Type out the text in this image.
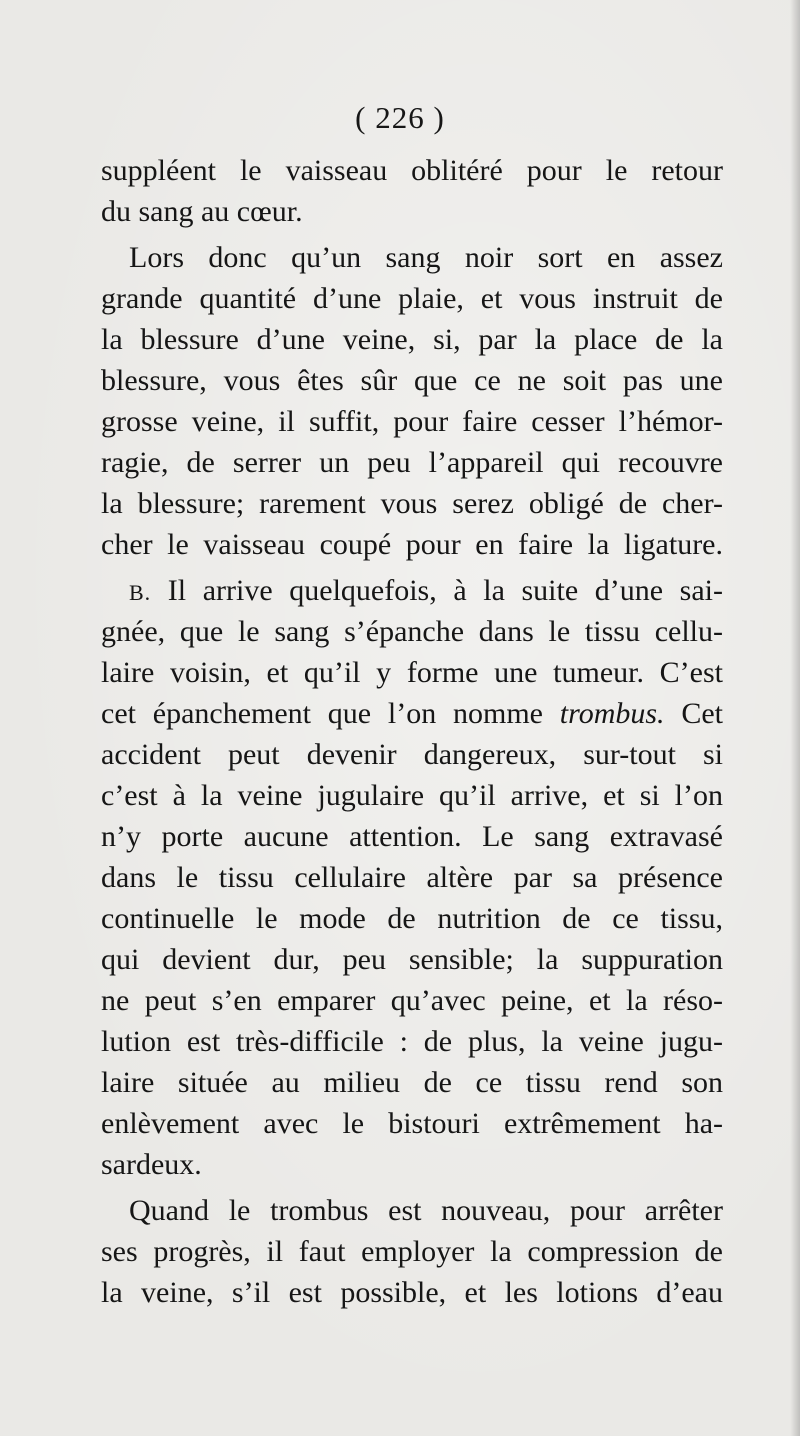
( 226 )
suppléent le vaisseau oblitéré pour le retour
du sang au cœur.
Lors donc qu’un sang noir sort en assez
grande quantité d’une plaie, et vous instruit de
la blessure d’une veine, si, par la place de la
blessure, vous êtes sûr que ce ne soit pas une
grosse veine, il suffit, pour faire cesser l’hémor-
ragie, de serrer un peu l’appareil qui recouvre
la blessure; rarement vous serez obligé de cher-
cher le vaisseau coupé pour en faire la ligature.
B. Il arrive quelquefois, à la suite d’une sai-
gnée, que le sang s’épanche dans le tissu cellu-
laire voisin, et qu’il y forme une tumeur. C’est
cet épanchement que l’on nomme trombus. Cet
accident peut devenir dangereux, sur-tout si
c’est à la veine jugulaire qu’il arrive, et si l’on
n’y porte aucune attention. Le sang extravasé
dans le tissu cellulaire altère par sa présence
continuelle le mode de nutrition de ce tissu,
qui devient dur, peu sensible; la suppuration
ne peut s’en emparer qu’avec peine, et la réso-
lution est très-difficile : de plus, la veine jugu-
laire située au milieu de ce tissu rend son
enlèvement avec le bistouri extrêmement ha-
sardeux.
Quand le trombus est nouveau, pour arrêter
ses progrès, il faut employer la compression de
la veine, s’il est possible, et les lotions d’eau
